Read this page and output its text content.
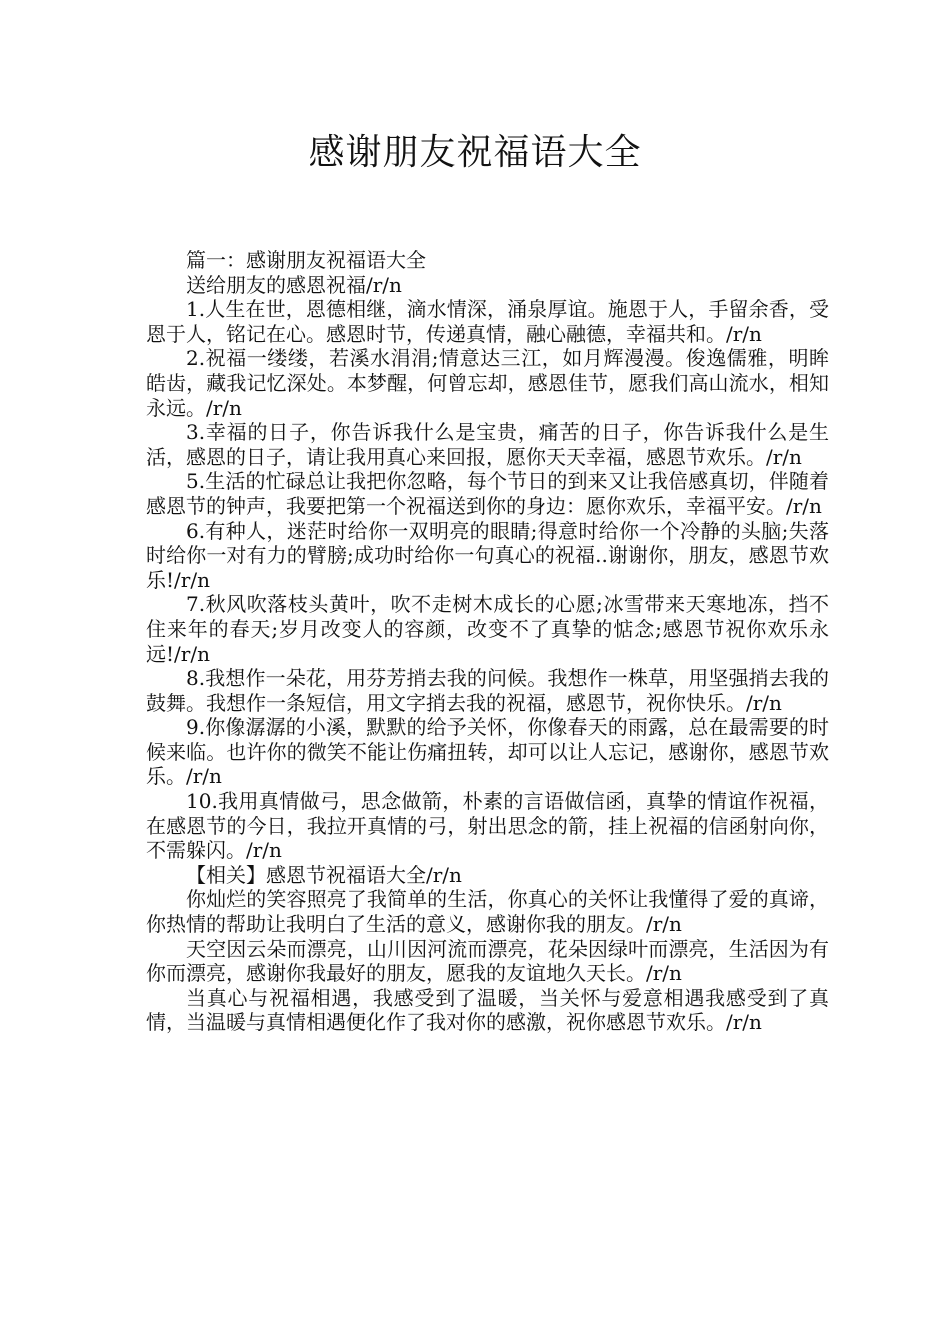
感谢朋友祝福语大全

篇一：感谢朋友祝福语大全

送给朋友的感恩祝福/r/n

1.人生在世，恩德相继，滴水情深，涌泉厚谊。施恩于人，手留余香，受恩于人，铭记在心。感恩时节，传递真情，融心融德，幸福共和。/r/n

2.祝福一缕缕，若溪水涓涓;情意达三江，如月辉漫漫。俊逸儒雅，明眸皓齿，藏我记忆深处。本梦醒，何曾忘却，感恩佳节，愿我们高山流水，相知永远。/r/n

3.幸福的日子，你告诉我什么是宝贵，痛苦的日子，你告诉我什么是生活，感恩的日子，请让我用真心来回报，愿你天天幸福，感恩节欢乐。/r/n

5.生活的忙碌总让我把你忽略，每个节日的到来又让我倍感真切，伴随着感恩节的钟声，我要把第一个祝福送到你的身边：愿你欢乐，幸福平安。/r/n

6.有种人，迷茫时给你一双明亮的眼睛;得意时给你一个冷静的头脑;失落时给你一对有力的臂膀;成功时给你一句真心的祝福..谢谢你，朋友，感恩节欢乐!/r/n

7.秋风吹落枝头黄叶，吹不走树木成长的心愿;冰雪带来天寒地冻，挡不住来年的春天;岁月改变人的容颜，改变不了真挚的惦念;感恩节祝你欢乐永远!/r/n

8.我想作一朵花，用芬芳捎去我的问候。我想作一株草，用坚强捎去我的鼓舞。我想作一条短信，用文字捎去我的祝福，感恩节，祝你快乐。/r/n

9.你像潺潺的小溪，默默的给予关怀，你像春天的雨露，总在最需要的时候来临。也许你的微笑不能让伤痛扭转，却可以让人忘记，感谢你，感恩节欢乐。/r/n

10.我用真情做弓，思念做箭，朴素的言语做信函，真挚的情谊作祝福，在感恩节的今日，我拉开真情的弓，射出思念的箭，挂上祝福的信函射向你，不需躲闪。/r/n

【相关】感恩节祝福语大全/r/n

你灿烂的笑容照亮了我简单的生活，你真心的关怀让我懂得了爱的真谛，你热情的帮助让我明白了生活的意义，感谢你我的朋友。/r/n

天空因云朵而漂亮，山川因河流而漂亮，花朵因绿叶而漂亮，生活因为有你而漂亮，感谢你我最好的朋友，愿我的友谊地久天长。/r/n

当真心与祝福相遇，我感受到了温暖，当关怀与爱意相遇我感受到了真情，当温暖与真情相遇便化作了我对你的感激，祝你感恩节欢乐。/r/n
